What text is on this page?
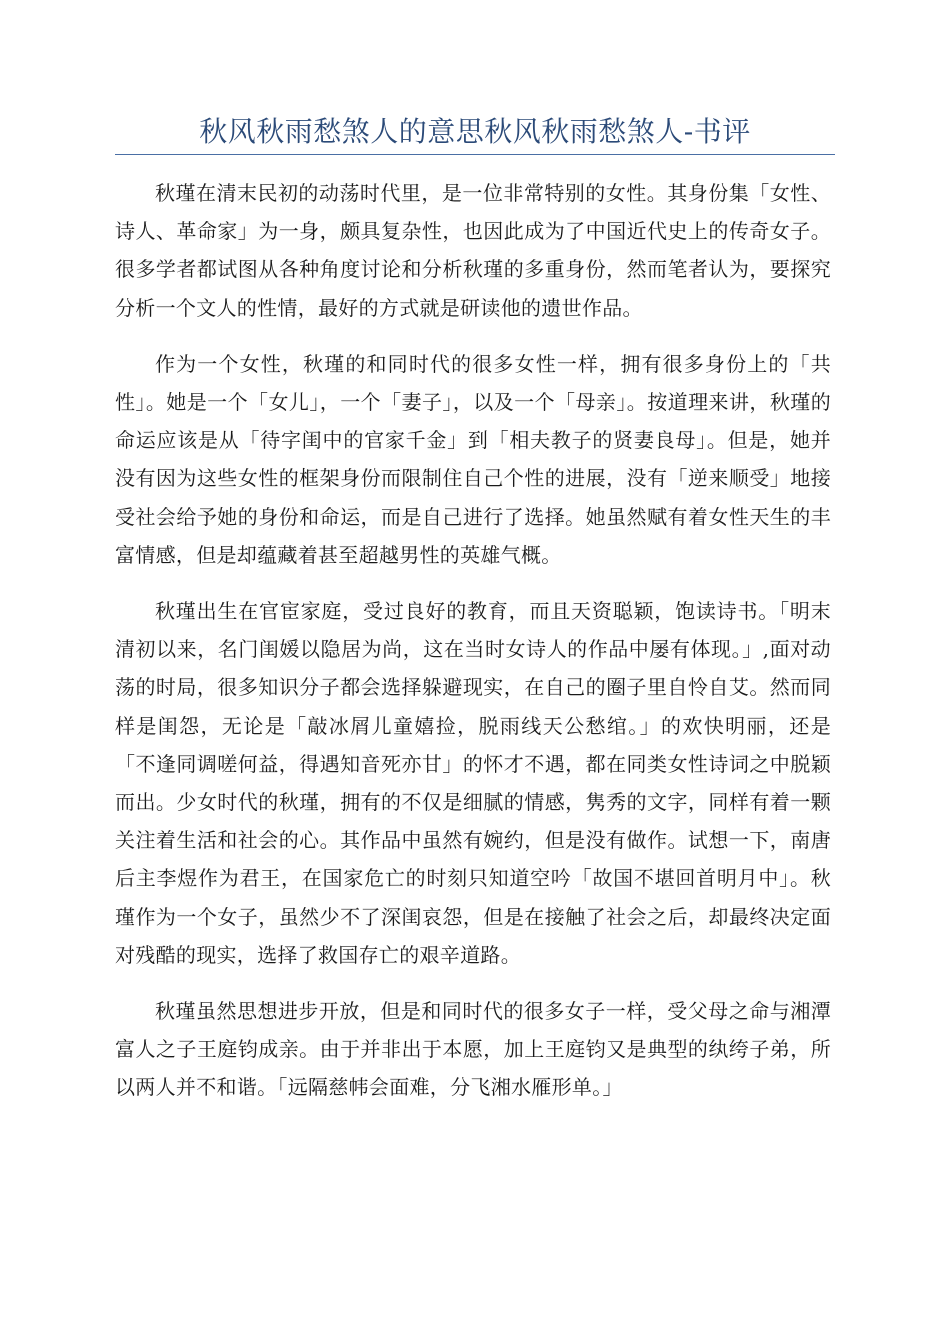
秋风秋雨愁煞人的意思秋风秋雨愁煞人-书评

秋瑾在清末民初的动荡时代里，是一位非常特别的女性。其身份集「女性、诗人、革命家」为一身，颇具复杂性，也因此成为了中国近代史上的传奇女子。很多学者都试图从各种角度讨论和分析秋瑾的多重身份，然而笔者认为，要探究分析一个文人的性情，最好的方式就是研读他的遗世作品。

作为一个女性，秋瑾的和同时代的很多女性一样，拥有很多身份上的「共性」。她是一个「女儿」，一个「妻子」，以及一个「母亲」。按道理来讲，秋瑾的命运应该是从「待字闺中的官家千金」到「相夫教子的贤妻良母」。但是，她并没有因为这些女性的框架身份而限制住自己个性的进展，没有「逆来顺受」地接受社会给予她的身份和命运，而是自己进行了选择。她虽然赋有着女性天生的丰富情感，但是却蕴藏着甚至超越男性的英雄气概。

秋瑾出生在官宦家庭，受过良好的教育，而且天资聪颖，饱读诗书。「明末清初以来，名门闺媛以隐居为尚，这在当时女诗人的作品中屡有体现。」,面对动荡的时局，很多知识分子都会选择躲避现实，在自己的圈子里自怜自艾。然而同样是闺怨，无论是「敲冰屑儿童嬉捡，脱雨线天公愁绾。」的欢快明丽，还是「不逢同调嗟何益，得遇知音死亦甘」的怀才不遇，都在同类女性诗词之中脱颖而出。少女时代的秋瑾，拥有的不仅是细腻的情感，隽秀的文字，同样有着一颗关注着生活和社会的心。其作品中虽然有婉约，但是没有做作。试想一下，南唐后主李煜作为君王，在国家危亡的时刻只知道空吟「故国不堪回首明月中」。秋瑾作为一个女子，虽然少不了深闺哀怨，但是在接触了社会之后，却最终决定面对残酷的现实，选择了救国存亡的艰辛道路。

秋瑾虽然思想进步开放，但是和同时代的很多女子一样，受父母之命与湘潭富人之子王庭钧成亲。由于并非出于本愿，加上王庭钧又是典型的纨绔子弟，所以两人并不和谐。「远隔慈帏会面难，分飞湘水雁形单。」
